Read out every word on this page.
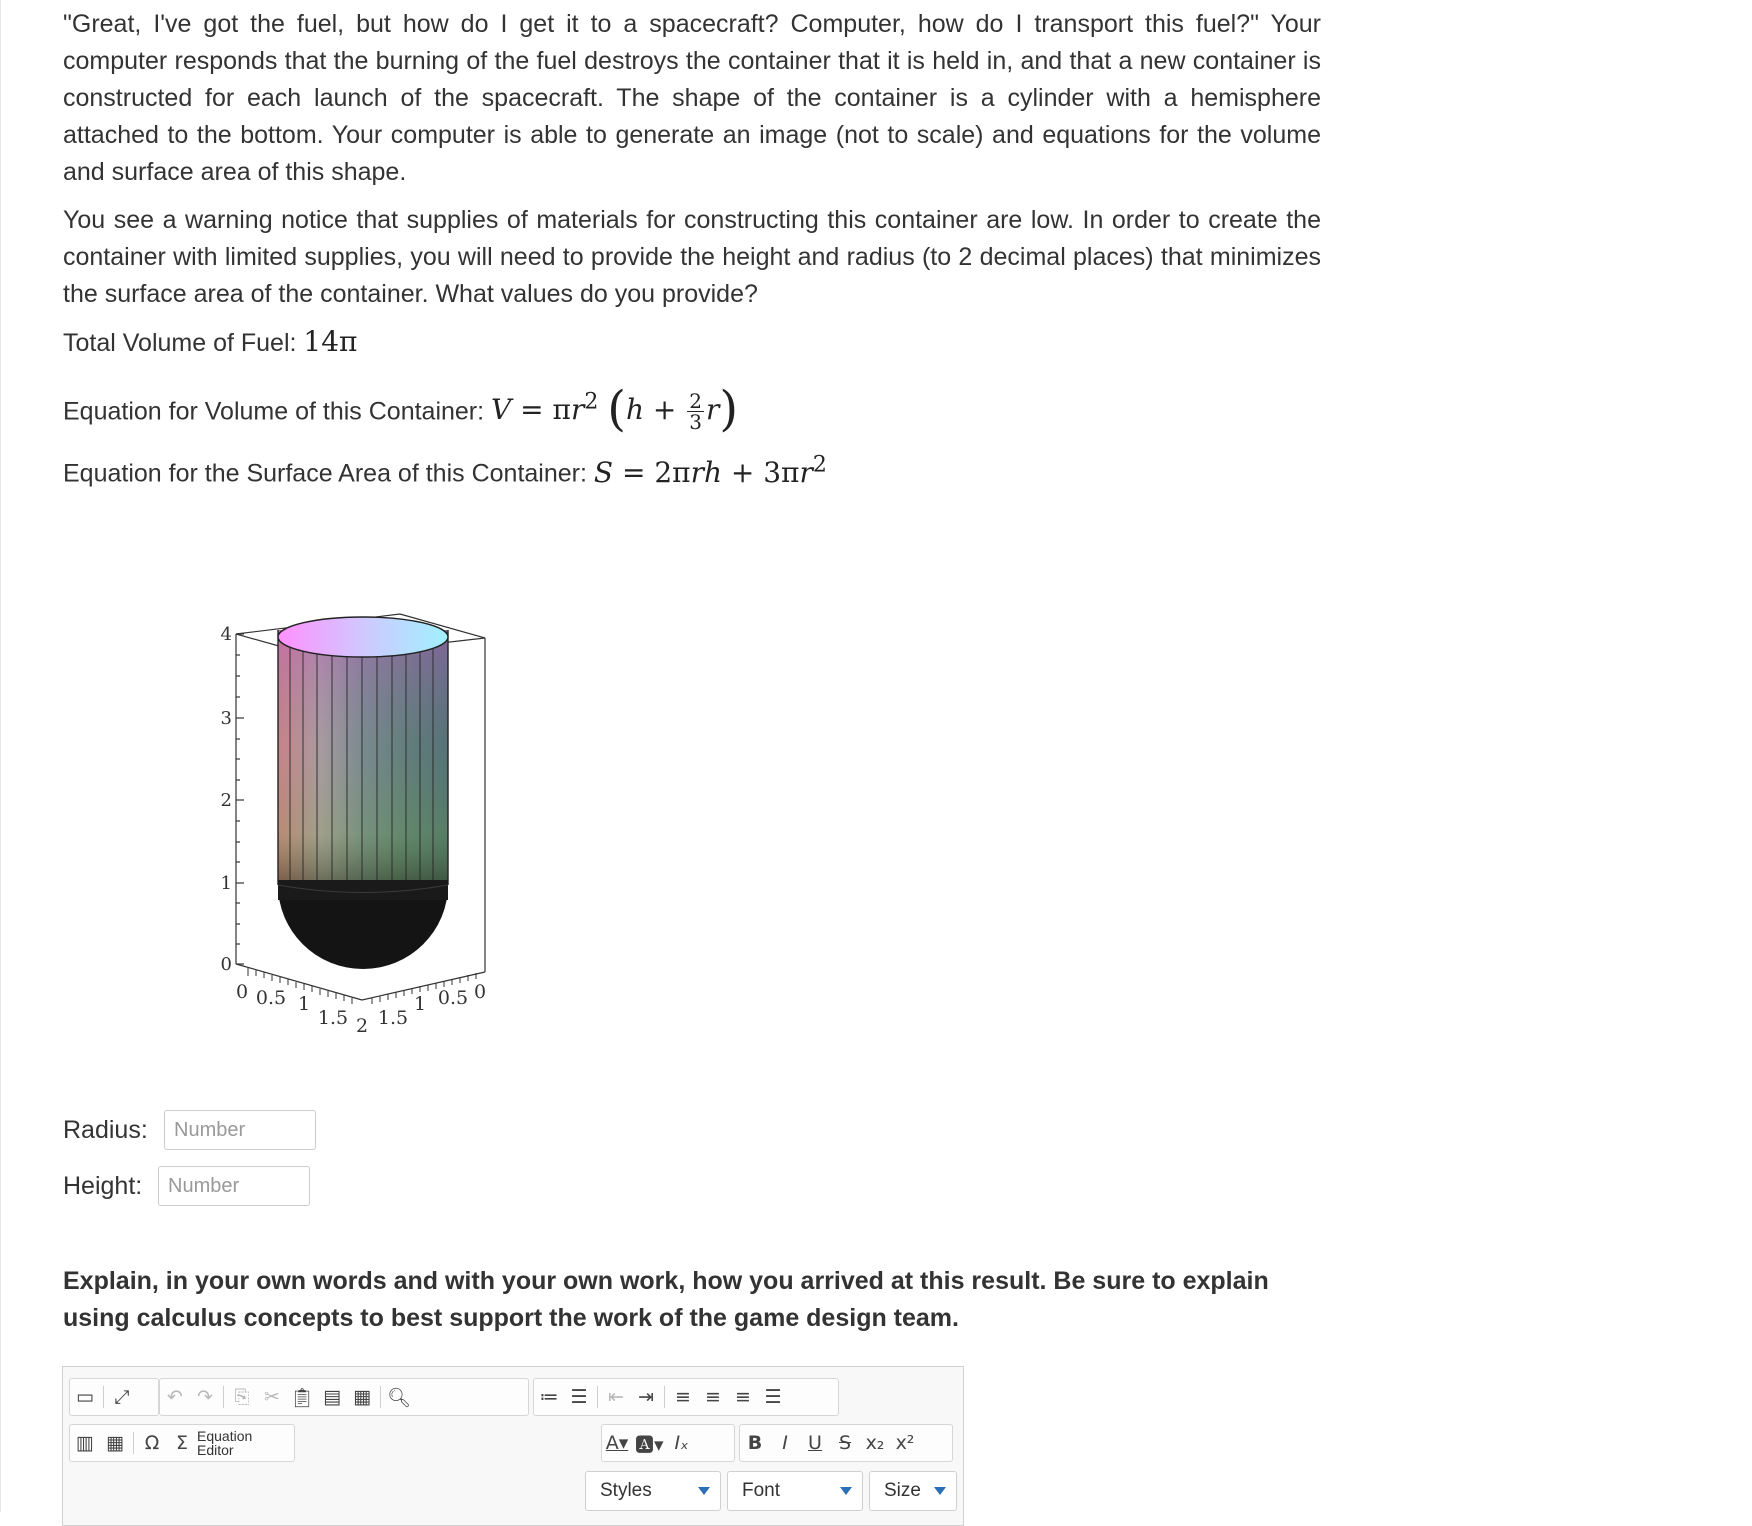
"Great, I've got the fuel, but how do I get it to a spacecraft? Computer, how do I transport this fuel?" Your computer responds that the burning of the fuel destroys the container that it is held in, and that a new container is constructed for each launch of the spacecraft. The shape of the container is a cylinder with a hemisphere attached to the bottom. Your computer is able to generate an image (not to scale) and equations for the volume and surface area of this shape.

You see a warning notice that supplies of materials for constructing this container are low. In order to create the container with limited supplies, you will need to provide the height and radius (to 2 decimal places) that minimizes the surface area of the container. What values do you provide?

Total Volume of Fuel: 14π
Equation for Volume of this Container: $V = \pi r^2$ $(h + \frac{2}{3} r)$
Equation for the Surface Area of this Container: $S = 2\pi rh + 3\pi r^2$
4
3
2
1
0
0 0.5 1
1.5 2 1.5
1 0.5 0
Radius:
Number
Height:
Number
Explain, in your own words and with your own work, how you arrived at this result. Be sure to explain using calculus concepts to best support the work of the game design team.
▭	⤢	↶ ↷	⎘ ✂ 📋︎ ▤ ▦ 🔍︎	≔ ☰	⇤ ⇥	≡ ≡ ≡ ☰
▥ ▦	Ω Σ Equation
Editor	A▾ 🅰︎▾ Iₓ	B	I	U S x₂ x²
Styles	Font	Size
